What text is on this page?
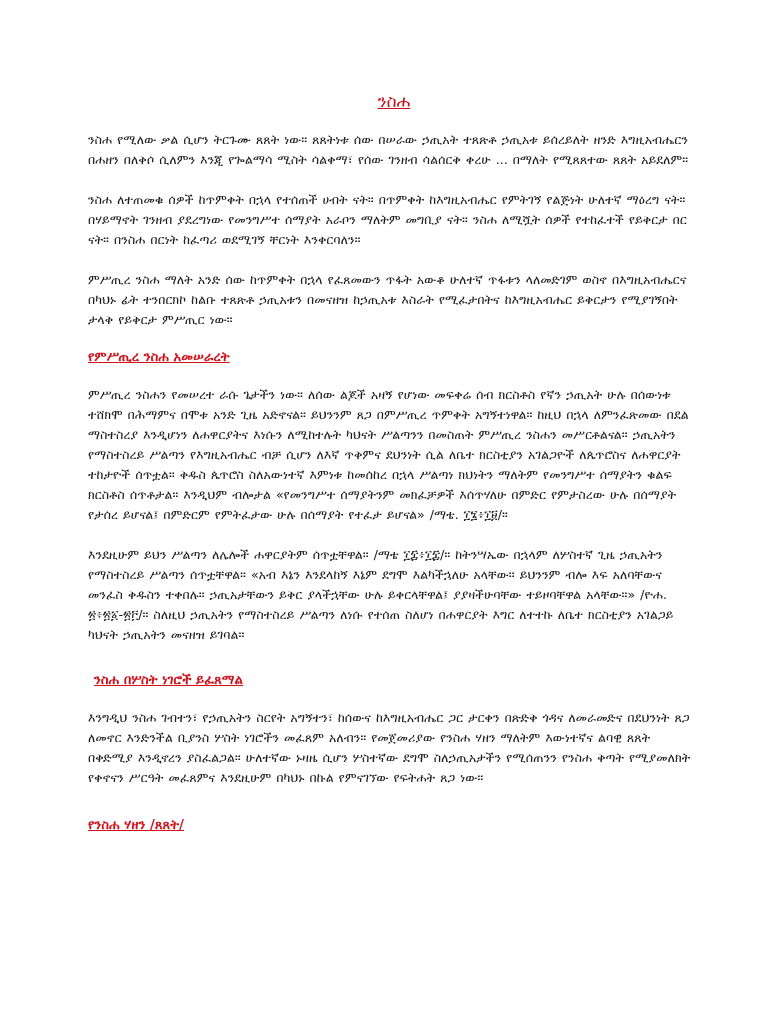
ንስሐ

ንስሐ የሚለው ቃል ሲሆን ትርጉሙ ጸጸት ነው። ጸጸትነቱ ሰው በሠራው ኃጢአት ተጸጽቶ ኃጢአቱ ይሰረይለት ዘንድ እግዚአብሔርን በሐዘን በለቅሶ ሲለምን እንጂ የጐልማሳ ሚስት ሳልቀማ፣ የሰው ገንዘብ ሳልሰርቅ ቀረሁ ... በማለት የሚጸጸተው ጸጸት አይደለም።

ንስሐ ለተጠመቁ ሰዎች ከጥምቀት በኋላ የተሰጠች ሀብት ናት። በጥምቀት ከእግዚአብሔር የምትገኝ የልጅነት ሁለተኛ ማዕረግ ናት። በሃይማኖት ገንዘብ ያደረግነው የመንግሥተ ሰማያት አራቦን ማለትም መግቢያ ናት። ንስሐ ለሚሿት ሰዎች የተከፈተች የይቅርታ በር ናት። በንስሐ በርነት ከፈጣሪ ወደሚገኝ ቸርነት እንቀርባለን።

ምሥጢረ ንስሐ ማለት አንድ ሰው ከጥምቀት በኋላ የፈጸመውን ጥፋት አውቆ ሁለተኛ ጥፋቱን ላለመድገም ወስኖ በእግዚአብሔርና በካህኑ ፊት ተንበርክኮ ከልቡ ተጸጽቶ ኃጢአቱን በመናዘዝ ከኃጢአቱ እስራት የሚፈታበትና ከእግዚአብሔር ይቅርታን የሚያገኝበት ታላቅ የይቅርታ ምሥጢር ነው።

የምሥጢረ ንስሐ አመሠራረት

ምሥጢረ ንስሐን የመሠረተ ራሱ ጌታችን ነው። ለሰው ልጆች አዛኝ የሆነው መፍቀሬ ሰብ ክርስቶስ የኛን ኃጢአት ሁሉ በሰውነቱ ተሸክሞ በሕማምና በሞቱ አንድ ጊዜ አድኖናል። ይህንንም ጸጋ በምሥጢረ ጥምቀት አግኝተነዋል። ከዚህ በኋላ ለምንፈጽመው በደል ማስተስረያ እንዲሆነን ለሐዋርያትና እነሱን ለሚከተሉት ካህናት ሥልጣንን በመስጠት ምሥጢረ ንስሐን መሥርቶልናል። ኃጢአትን የማስተስረይ ሥልጣን የእግዚአብሔር ብቻ ሲሆን ለእኛ ጥቅምና ደህንነት ሲል ለቤተ ክርስቲያን አገልጋዮች ለጴጥሮስና ለሐዋርያት ተከታዮች ሰጥቷል። ቅዱስ ጴጥሮስ ስለአውነተኛ እምነቱ ከመሰከረ በኋላ ሥልጣነ ክህነትን ማለትም የመንግሥተ ሰማያትን ቁልፍ ክርስቶስ ሰጥቶታል። እንዲህም ብሎታል «የመንግሥተ ሰማያትንም መክፈቻዎች እሰጥሃለሁ በምድር የምታስረው ሁሉ በሰማያት የታሰረ ይሆናል፤ በምድርም የምትፈታው ሁሉ በሰማያት የተፈታ ይሆናል» /ማቴ. ፲፮፥፲፱/።

እንደዚሁም ይህን ሥልጣን ለሌሎች ሐዋርያትም ሰጥቷቸዋል። /ማቴ ፲፰፥፲፰/። ከትንሣኤው በኋላም ለሦስተኛ ጊዜ ኃጢአትን የማስተስረይ ሥልጣን ሰጥቷቸዋል። «አብ እኔን እንደላከኝ እኔም ደግሞ እልካችኋለሁ አላቸው። ይህንንም ብሎ እፍ አለባቸውና መንፈስ ቅዱስን ተቀበሉ። ኃጢአታቸውን ይቅር ያላችኋቸው ሁሉ ይቀርላቸዋል፤ ያያዛችሁባቸው ተይዞባቸዋል አላቸው።» /ዮሐ. ፳፥፳፩-፳፫/። ስለዚህ ኃጢአትን የማስተስረይ ሥልጣን ለነሱ የተሰጠ ስለሆነ በሐዋርያት እግር ለተተኩ ለቤተ ክርስቲያን አገልጋይ ካህናት ኃጢአትን መናዘዝ ይገባል።

ንስሐ በሦስት ነገሮች ይፈጸማል

እንግዲህ ንስሐ ገብተን፣ የኃጢአትን ስርየት አግኝተን፣ ከሰውና ከእግዚአብሔር ጋር ታርቀን በጽድቅ ጎዳና ለመራመድና በደህንነት ጸጋ ለመኖር እንድንችል ቢያንስ ሦስት ነገሮችን መፈጸም አለብን። የመጀመሪያው የንስሐ ሃዘን ማለትም እውነተኛና ልባዊ ጸጸት በቅድሚያ እንዲኖረን ያስፈልጋል። ሁለተኛው ኑዛዜ ሲሆን ሦስተኛው ደግሞ ስለኃጢአታችን የሚሰጠንን የንስሐ ቅጣት የሚያመለክት የቀኖናን ሥርዓት መፈጸምና እንደዚሁም በካህኑ በኩል የምናገኘው የፍትሐት ጸጋ ነው።

የንስሐ ሃዘን /ጸጸት/
